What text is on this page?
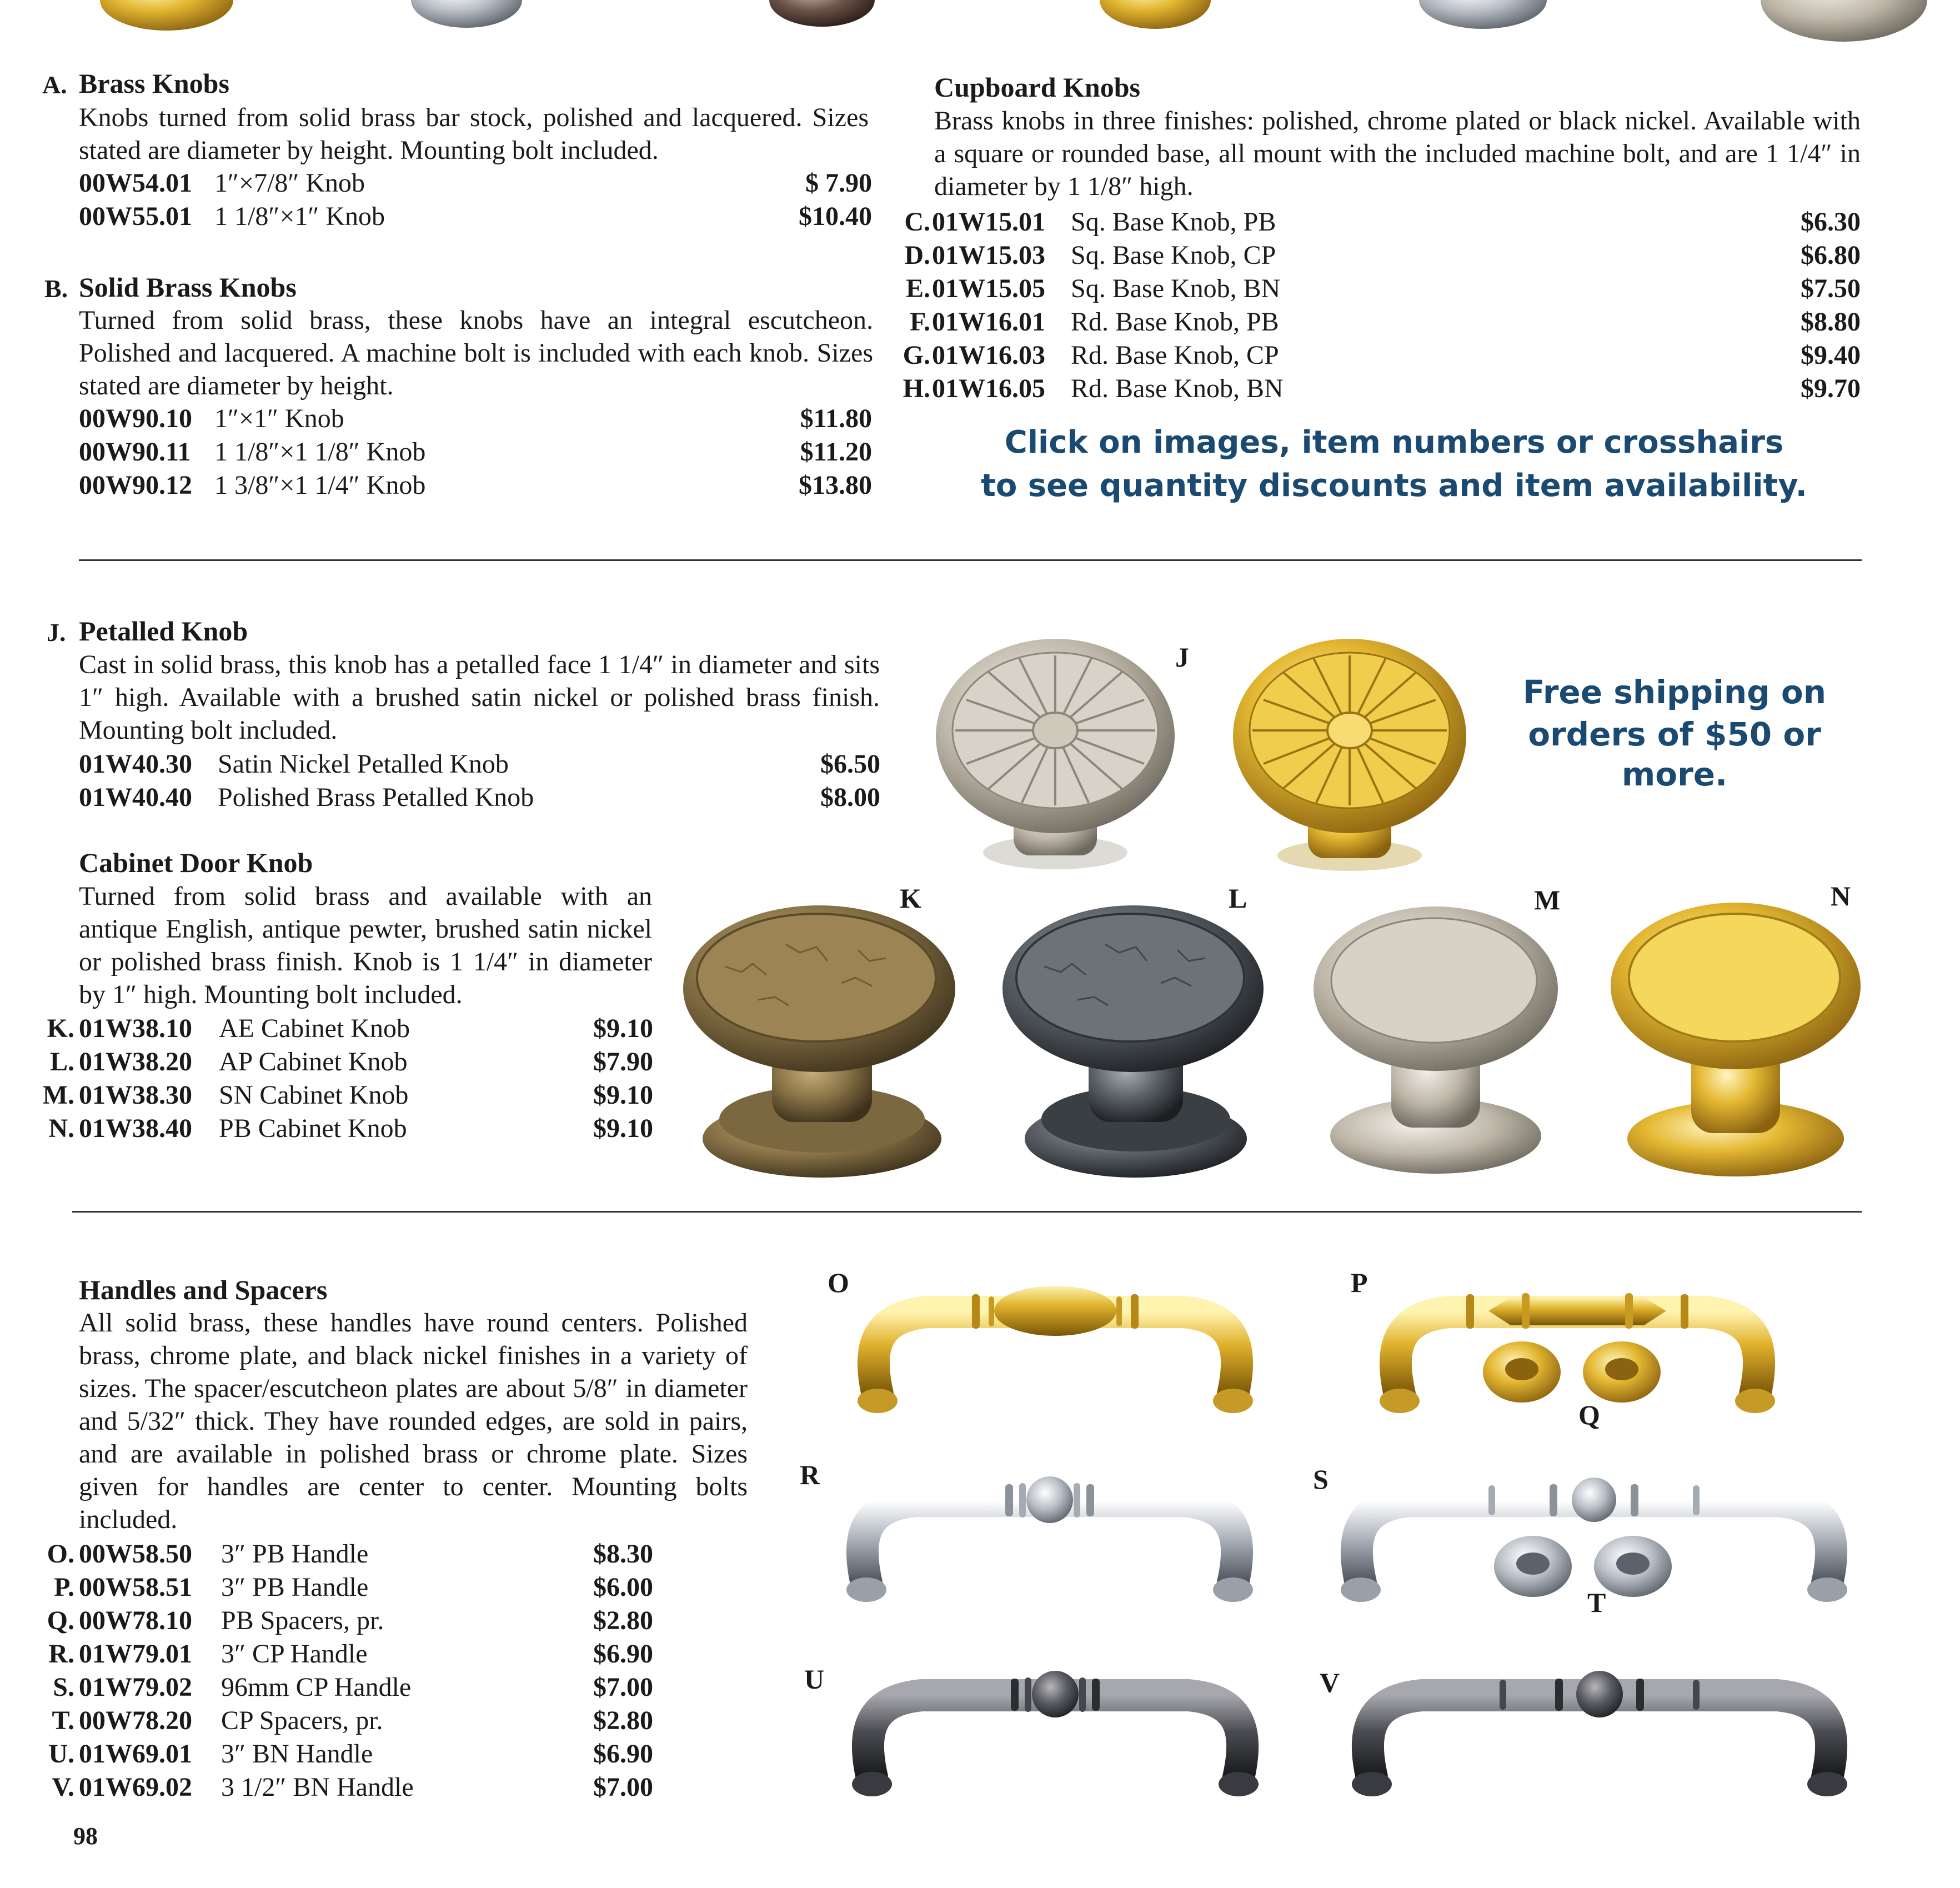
A. Brass Knobs
Knobs turned from solid brass bar stock, polished and lacquered. Sizes stated are diameter by height. Mounting bolt included.
00W54.01 1″×7/8″ Knob	$ 7.90
00W55.01 1 1/8″×1″ Knob	$10.40
B. Solid Brass Knobs
Turned from solid brass, these knobs have an integral escutcheon. Polished and lacquered. A machine bolt is included with each knob. Sizes stated are diameter by height.
00W90.10 1″×1″ Knob	$11.80
00W90.11 1 1/8″×1 1/8″ Knob	$11.20
00W90.12 1 3/8″×1 1/4″ Knob	$13.80
Cupboard Knobs
Brass knobs in three finishes: polished, chrome plated or black nickel. Available with a square or rounded base, all mount with the included machine bolt, and are 1 1/4″ in diameter by 1 1/8″ high.
C. 01W15.01 Sq. Base Knob, PB	$6.30
D. 01W15.03 Sq. Base Knob, CP	$6.80
E. 01W15.05 Sq. Base Knob, BN	$7.50
F. 01W16.01 Rd. Base Knob, PB	$8.80
G. 01W16.03 Rd. Base Knob, CP	$9.40
H. 01W16.05 Rd. Base Knob, BN	$9.70
Click on images, item numbers or crosshairs
to see quantity discounts and item availability.
J. Petalled Knob
Cast in solid brass, this knob has a petalled face 1 1/4″ in diameter and sits 1″ high. Available with a brushed satin nickel or polished brass finish. Mounting bolt included.
01W40.30 Satin Nickel Petalled Knob	$6.50
01W40.40 Polished Brass Petalled Knob	$8.00
J
Free shipping on
orders of $50 or more.
Cabinet Door Knob
Turned from solid brass and available with an antique English, antique pewter, brushed satin nickel or polished brass finish. Knob is 1 1/4″ in diameter by 1″ high. Mounting bolt included.
K. 01W38.10 AE Cabinet Knob	$9.10
L. 01W38.20 AP Cabinet Knob	$7.90
M. 01W38.30 SN Cabinet Knob	$9.10
N. 01W38.40 PB Cabinet Knob	$9.10
K	L	M	N
Handles and Spacers
All solid brass, these handles have round centers. Polished brass, chrome plate, and black nickel finishes in a variety of sizes. The spacer/escutcheon plates are about 5/8″ in diameter and 5/32″ thick. They have rounded edges, are sold in pairs, and are available in polished brass or chrome plate. Sizes given for handles are center to center. Mounting bolts included.
O. 00W58.50 3″ PB Handle	$8.30
P. 00W58.51 3″ PB Handle	$6.00
Q. 00W78.10 PB Spacers, pr.	$2.80
R. 01W79.01 3″ CP Handle	$6.90
S. 01W79.02 96mm CP Handle	$7.00
T. 00W78.20 CP Spacers, pr.	$2.80
U. 01W69.01 3″ BN Handle	$6.90
V. 01W69.02 3 1/2″ BN Handle	$7.00
O	P
Q
R	S
T
U	V
98
